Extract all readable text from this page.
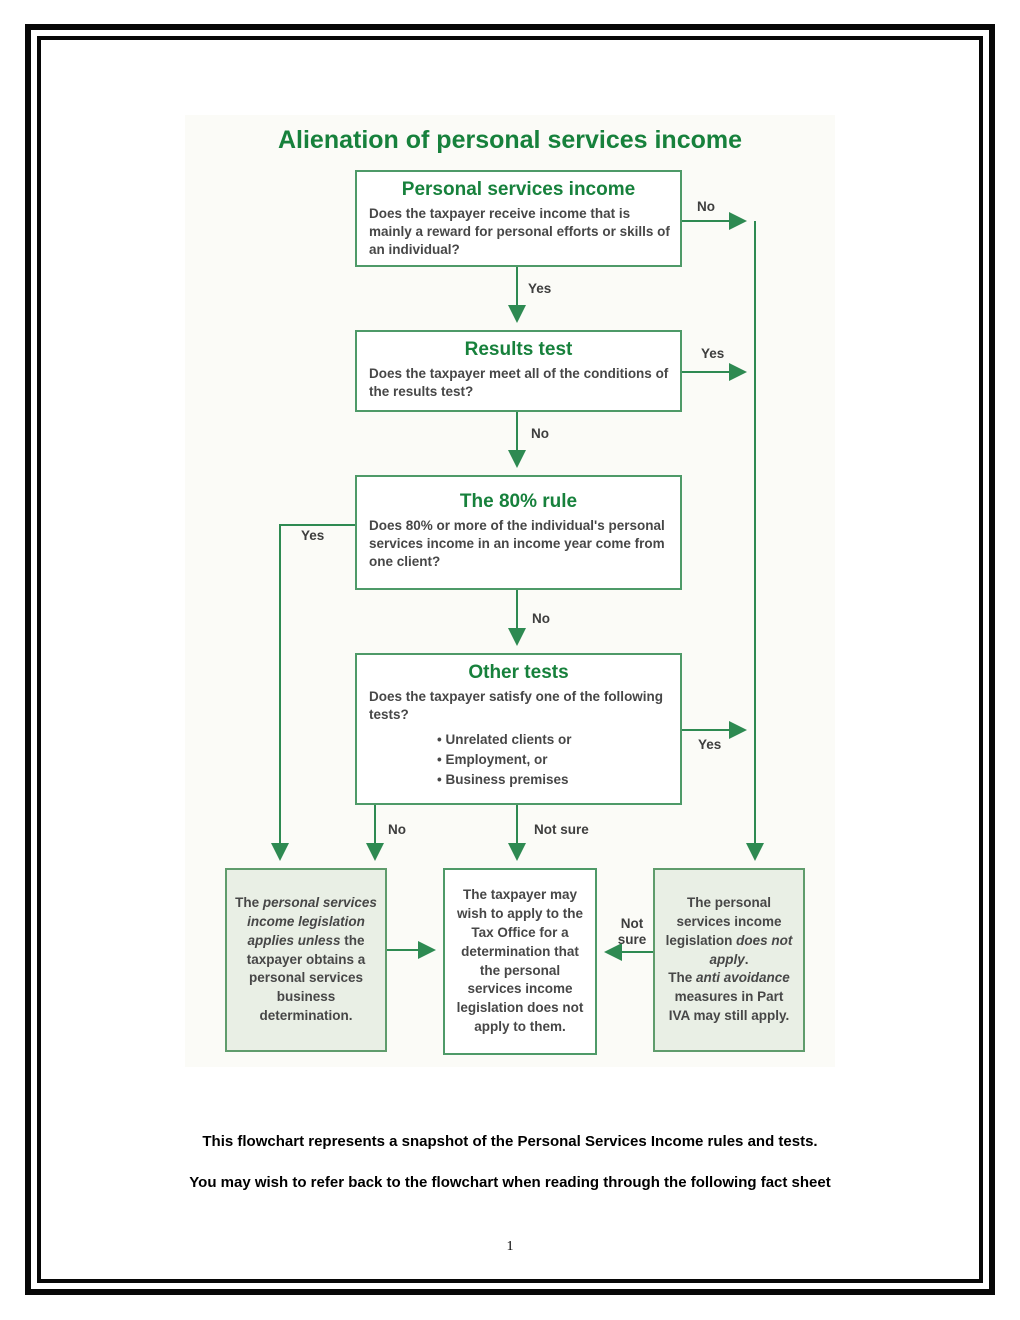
Alienation of personal services income
Personal services income
Does the taxpayer receive income that is mainly a reward for personal efforts or skills of an individual?
Results test
Does the taxpayer meet all of the conditions of the results test?
The 80% rule
Does 80% or more of the individual's personal services income in an income year come from one client?
Other tests
Does the taxpayer satisfy one of the following tests?
• Unrelated clients or
• Employment, or
• Business premises
The personal services income legislation applies unless the taxpayer obtains a personal services business determination.
The taxpayer may wish to apply to the Tax Office for a determination that the personal services income legislation does not apply to them.
The personal services income legislation does not apply.
The anti avoidance measures in Part IVA may still apply.
No
Yes
Yes
No
Yes
No
Yes
No	Not sure
Not sure
This flowchart represents a snapshot of the Personal Services Income rules and tests.
You may wish to refer back to the flowchart when reading through the following fact sheet
1
